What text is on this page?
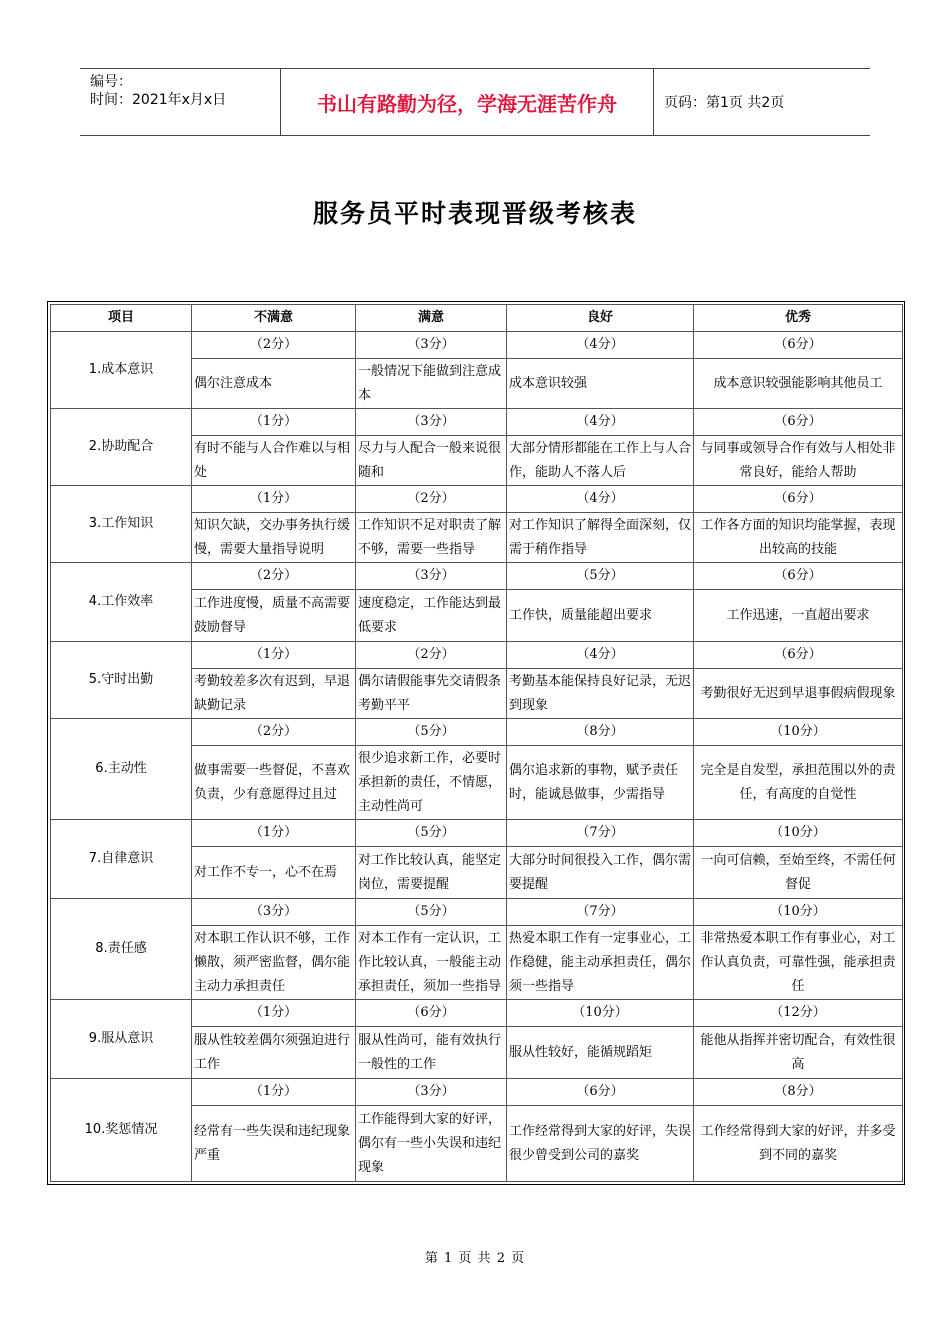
编号：
时间：2021年x月x日	书山有路勤为径，学海无涯苦作舟	页码：第1页 共2页
服务员平时表现晋级考核表
项目	不满意	满意	良好	优秀
1.成本意识	（2分）	（3分）	（4分）	（6分）
	偶尔注意成本	一般情况下能做到注意成本	成本意识较强	成本意识较强能影响其他员工
2.协助配合	（1分）	（3分）	（4分）	（6分）
	有时不能与人合作难以与相处	尽力与人配合一般来说很随和	大部分情形都能在工作上与人合作，能助人不落人后	与同事或领导合作有效与人相处非常良好，能给人帮助
3.工作知识	（1分）	（2分）	（4分）	（6分）
	知识欠缺，交办事务执行缓慢，需要大量指导说明	工作知识不足对职责了解不够，需要一些指导	对工作知识了解得全面深刻，仅需于稍作指导	工作各方面的知识均能掌握，表现出较高的技能
4.工作效率	（2分）	（3分）	（5分）	（6分）
	工作进度慢，质量不高需要鼓励督导	速度稳定，工作能达到最低要求	工作快，质量能超出要求	工作迅速，一直超出要求
5.守时出勤	（1分）	（2分）	（4分）	（6分）
	考勤较差多次有迟到，早退缺勤记录	偶尔请假能事先交请假条考勤平平	考勤基本能保持良好记录，无迟到现象	考勤很好无迟到早退事假病假现象
6.主动性	（2分）	（5分）	（8分）	（10分）
	做事需要一些督促，不喜欢负责，少有意愿得过且过	很少追求新工作，必要时承担新的责任，不情愿，主动性尚可	偶尔追求新的事物，赋予责任时，能诚恳做事，少需指导	完全是自发型，承担范围以外的责任，有高度的自觉性
7.自律意识	（1分）	（5分）	（7分）	（10分）
	对工作不专一，心不在焉	对工作比较认真，能坚定岗位，需要提醒	大部分时间很投入工作，偶尔需要提醒	一向可信赖，至始至终，不需任何督促
8.责任感	（3分）	（5分）	（7分）	（10分）
	对本职工作认识不够，工作懒散，须严密监督，偶尔能主动力承担责任	对本工作有一定认识，工作比较认真，一般能主动承担责任，须加一些指导	热爱本职工作有一定事业心，工作稳健，能主动承担责任，偶尔须一些指导	非常热爱本职工作有事业心，对工作认真负责，可靠性强，能承担责任
9.服从意识	（1分）	（6分）	（10分）	（12分）
	服从性较差偶尔须强迫进行工作	服从性尚可，能有效执行一般性的工作	服从性较好，能循规蹈矩	能他从指挥并密切配合，有效性很高
10.奖惩情况	（1分）	（3分）	（6分）	（8分）
	经常有一些失误和违纪现象严重	工作能得到大家的好评，偶尔有一些小失误和违纪现象	工作经常得到大家的好评，失误很少曾受到公司的嘉奖	工作经常得到大家的好评，并多受到不同的嘉奖
第 1 页 共 2 页
